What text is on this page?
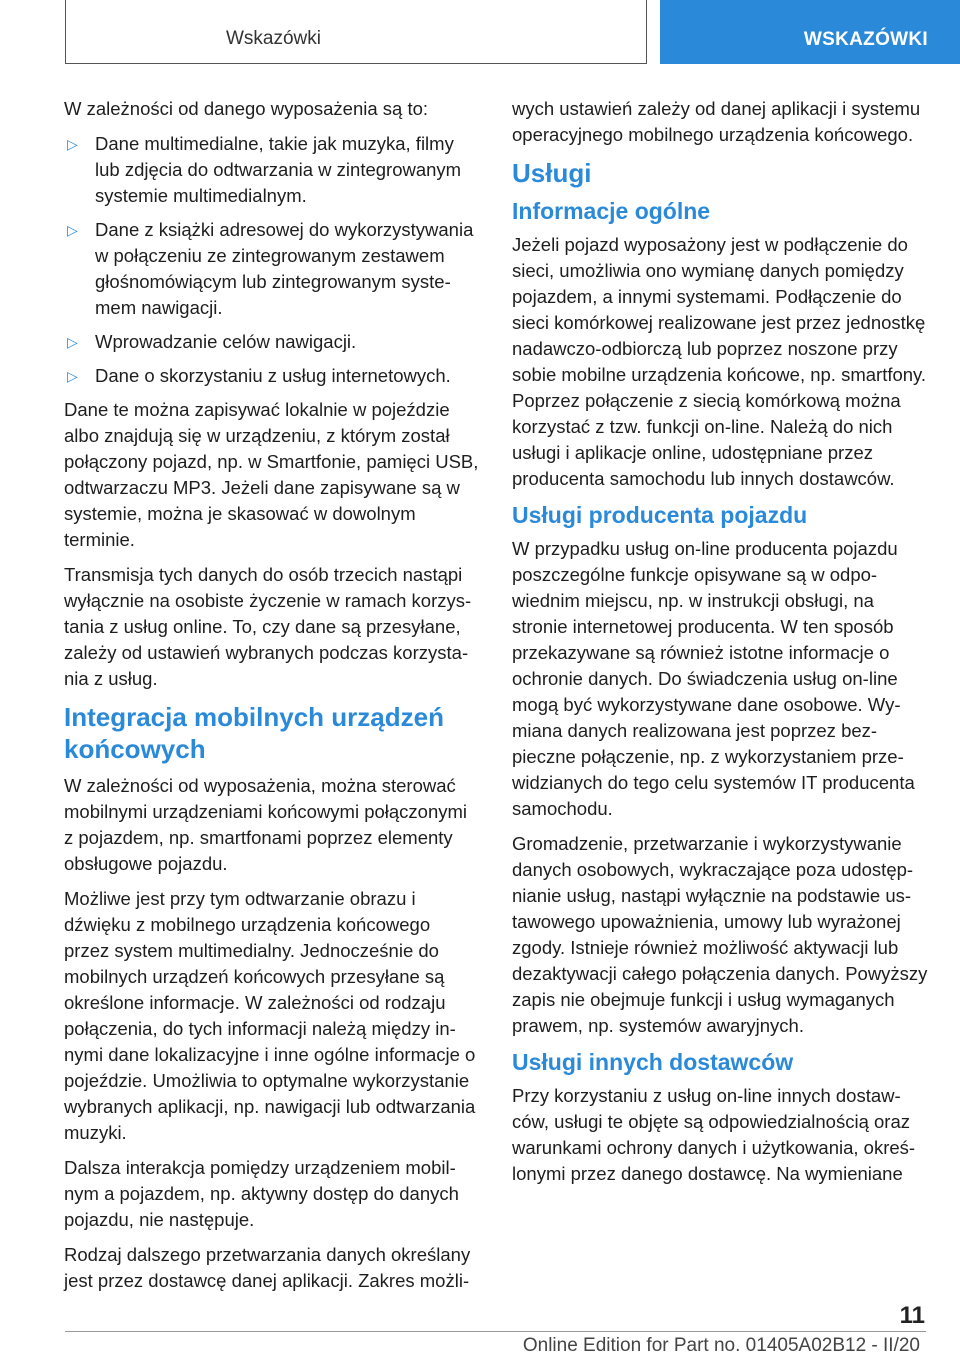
Wskazówki	WSKAZÓWKI

W zależności od danego wyposażenia są to:

▷ Dane multimedialne, takie jak muzyka, filmy lub zdjęcia do odtwarzania w zintegrowanym systemie multimedialnym.
▷ Dane z książki adresowej do wykorzystywania w połączeniu ze zintegrowanym zestawem głośnomówiącym lub zintegrowanym systemem nawigacji.
▷ Wprowadzanie celów nawigacji.
▷ Dane o skorzystaniu z usług internetowych.

Dane te można zapisywać lokalnie w pojeździe albo znajdują się w urządzeniu, z którym został połączony pojazd, np. w Smartfonie, pamięci USB, odtwarzaczu MP3. Jeżeli dane zapisywane są w systemie, można je skasować w dowolnym terminie.

Transmisja tych danych do osób trzecich nastąpi wyłącznie na osobiste życzenie w ramach korzystania z usług online. To, czy dane są przesyłane, zależy od ustawień wybranych podczas korzystania z usług.

Integracja mobilnych urządzeń końcowych

W zależności od wyposażenia, można sterować mobilnymi urządzeniami końcowymi połączonymi z pojazdem, np. smartfonami poprzez elementy obsługowe pojazdu.

Możliwe jest przy tym odtwarzanie obrazu i dźwięku z mobilnego urządzenia końcowego przez system multimedialny. Jednocześnie do mobilnych urządzeń końcowych przesyłane są określone informacje. W zależności od rodzaju połączenia, do tych informacji należą między innymi dane lokalizacyjne i inne ogólne informacje o pojeździe. Umożliwia to optymalne wykorzystanie wybranych aplikacji, np. nawigacji lub odtwarzania muzyki.

Dalsza interakcja pomiędzy urządzeniem mobilnym a pojazdem, np. aktywny dostęp do danych pojazdu, nie następuje.

Rodzaj dalszego przetwarzania danych określany jest przez dostawcę danej aplikacji. Zakres możli-

wych ustawień zależy od danej aplikacji i systemu operacyjnego mobilnego urządzenia końcowego.

Usługi
Informacje ogólne

Jeżeli pojazd wyposażony jest w podłączenie do sieci, umożliwia ono wymianę danych pomiędzy pojazdem, a innymi systemami. Podłączenie do sieci komórkowej realizowane jest przez jednostkę nadawczo-odbiorczą lub poprzez noszone przy sobie mobilne urządzenia końcowe, np. smartfony. Poprzez połączenie z siecią komórkową można korzystać z tzw. funkcji on-line. Należą do nich usługi i aplikacje online, udostępniane przez producenta samochodu lub innych dostawców.

Usługi producenta pojazdu

W przypadku usług on-line producenta pojazdu poszczególne funkcje opisywane są w odpowiednim miejscu, np. w instrukcji obsługi, na stronie internetowej producenta. W ten sposób przekazywane są również istotne informacje o ochronie danych. Do świadczenia usług on-line mogą być wykorzystywane dane osobowe. Wymiana danych realizowana jest poprzez bezpieczne połączenie, np. z wykorzystaniem przewidzianych do tego celu systemów IT producenta samochodu.

Gromadzenie, przetwarzanie i wykorzystywanie danych osobowych, wykraczające poza udostępnianie usług, nastąpi wyłącznie na podstawie ustawowego upoważnienia, umowy lub wyrażonej zgody. Istnieje również możliwość aktywacji lub dezaktywacji całego połączenia danych. Powyższy zapis nie obejmuje funkcji i usług wymaganych prawem, np. systemów awaryjnych.

Usługi innych dostawców

Przy korzystaniu z usług on-line innych dostawców, usługi te objęte są odpowiedzialnością oraz warunkami ochrony danych i użytkowania, określonymi przez danego dostawcę. Na wymieniane

11
Online Edition for Part no. 01405A02B12 - II/20
